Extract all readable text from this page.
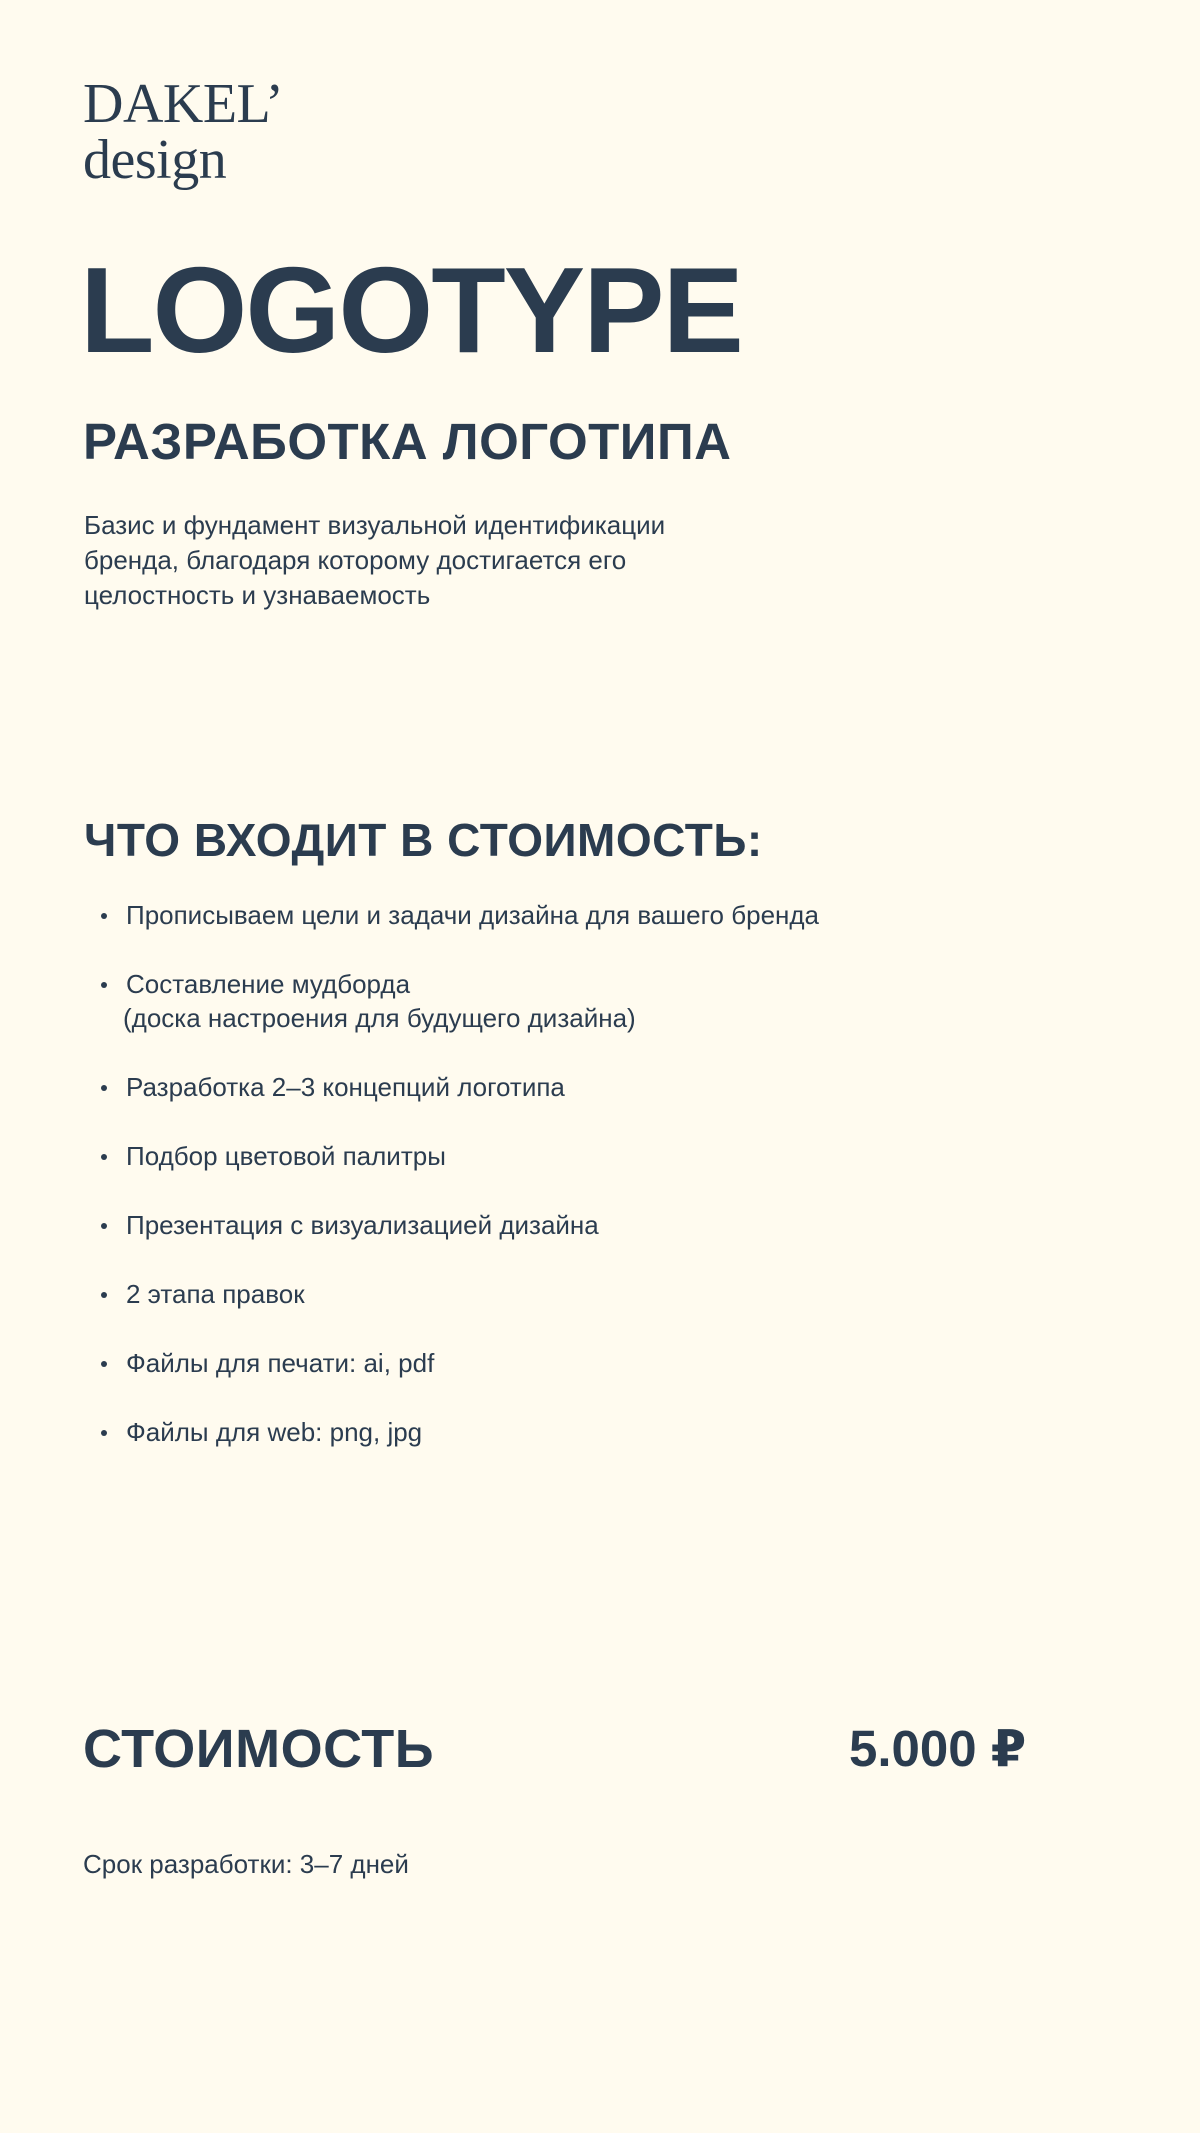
DAKEL’
design
LOGOTYPE
РАЗРАБОТКА ЛОГОТИПА

Базис и фундамент визуальной идентификации
бренда, благодаря которому достигается его
целостность и узнаваемость

ЧТО ВХОДИТ В СТОИМОСТЬ:
Прописываем цели и задачи дизайна для вашего бренда
Составление мудборда
(доска настроения для будущего дизайна)
Разработка 2–3 концепций логотипа
Подбор цветовой палитры
Презентация с визуализацией дизайна
2 этапа правок
Файлы для печати: ai, pdf
Файлы для web: png, jpg
СТОИМОСТЬ	5.000 ₽

Срок разработки: 3–7 дней
